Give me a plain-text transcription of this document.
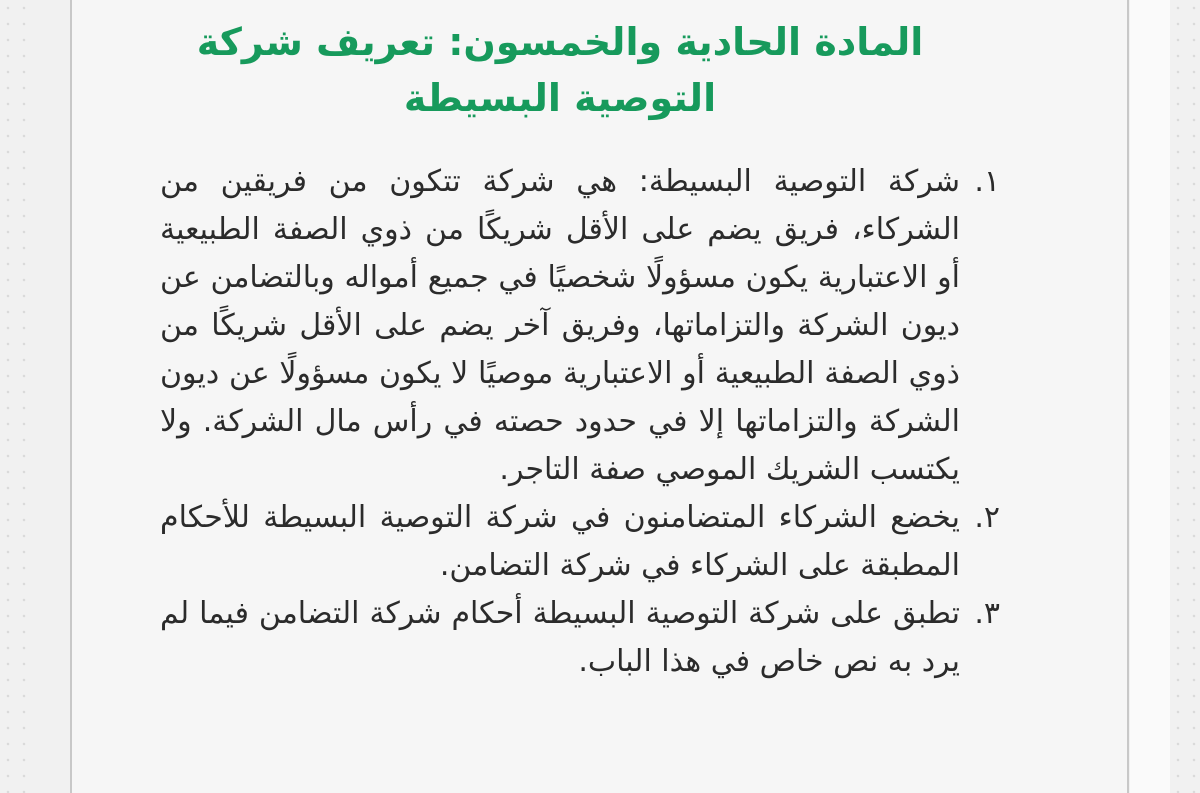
المادة الحادية والخمسون: تعريف شركة التوصية البسيطة
١.
شركة التوصية البسيطة: هي شركة تتكون من فريقين من الشركاء، فريق يضم على الأقل شريكًا من ذوي الصفة الطبيعية أو الاعتبارية يكون مسؤولًا شخصيًا في جميع أمواله وبالتضامن عن ديون الشركة والتزاماتها، وفريق آخر يضم على الأقل شريكًا من ذوي الصفة الطبيعية أو الاعتبارية موصيًا لا يكون مسؤولًا عن ديون الشركة والتزاماتها إلا في حدود حصته في رأس مال الشركة. ولا يكتسب الشريك الموصي صفة التاجر.
٢.
يخضع الشركاء المتضامنون في شركة التوصية البسيطة للأحكام المطبقة على الشركاء في شركة التضامن.
٣.
تطبق على شركة التوصية البسيطة أحكام شركة التضامن فيما لم يرد به نص خاص في هذا الباب.
